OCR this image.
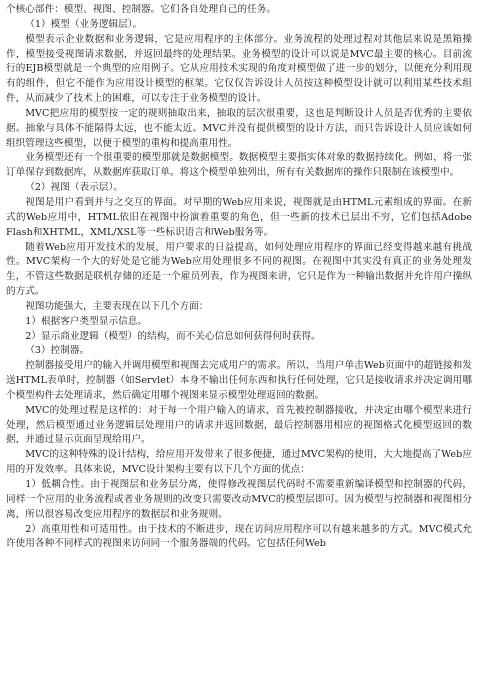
个核心部件：模型、视图、控制器。它们各自处理自己的任务。

（1）模型（业务逻辑层）。

模型表示企业数据和业务逻辑，它是应用程序的主体部分。业务流程的处理过程对其他层来说是黑箱操作，模型接受视图请求数据，并返回最终的处理结果。业务模型的设计可以说是MVC最主要的核心。目前流行的EJB模型就是一个典型的应用例子。它从应用技术实现的角度对模型做了进一步的划分，以便充分利用现有的组件，但它不能作为应用设计模型的框架。它仅仅告诉设计人员按这种模型设计就可以利用某些技术组件，从而减少了技术上的困难，可以专注于业务模型的设计。

MVC把应用的模型按一定的规则抽取出来，抽取的层次很重要，这也是判断设计人员是否优秀的主要依据。抽象与具体不能隔得太远，也不能太近。MVC并没有提供模型的设计方法，而只告诉设计人员应该如何组织管理这些模型，以便于模型的重构和提高重用性。

业务模型还有一个很重要的模型那就是数据模型。数据模型主要指实体对象的数据持续化。例如，将一张订单保存到数据库，从数据库获取订单。将这个模型单独列出，所有有关数据库的操作只限制在该模型中。

（2）视图（表示层）。

视图是用户看到并与之交互的界面。对早期的Web应用来说，视图就是由HTML元素组成的界面。在新式的Web应用中，HTML依旧在视图中扮演着重要的角色，但一些新的技术已层出不穷，它们包括Adobe Flash和XHTML，XML/XSL等一些标识语言和Web服务等。

随着Web应用开发技术的发展，用户要求的日益提高，如何处理应用程序的界面已经变得越来越有挑战性。MVC架构一个大的好处是它能为Web应用处理很多不同的视图。在视图中其实没有真正的业务处理发生，不管这些数据是联机存储的还是一个雇员列表，作为视图来讲，它只是作为一种输出数据并允许用户操纵的方式。

视图功能强大，主要表现在以下几个方面：

1）根据客户类型显示信息。

2）显示商业逻辑（模型）的结构，而不关心信息如何获得何时获得。

（3）控制器。

控制器接受用户的输入并调用模型和视图去完成用户的需求。所以，当用户单击Web页面中的超链接和发送HTML表单时，控制器（如Servlet）本身不输出任何东西和执行任何处理，它只是接收请求并决定调用哪个模型构件去处理请求，然后确定用哪个视图来显示模型处理返回的数据。

MVC的处理过程是这样的：对于每一个用户输入的请求，首先被控制器接收，并决定由哪个模型来进行处理，然后模型通过业务逻辑层处理用户的请求并返回数据，最后控制器用相应的视图格式化模型返回的数据，并通过显示页面呈现给用户。

MVC的这种特殊的设计结构，给应用开发带来了很多便捷，通过MVC架构的使用，大大地提高了Web应用的开发效率。具体来说，MVC设计架构主要有以下几个方面的优点：

1）低耦合性。由于视图层和业务层分离，使得修改视图层代码时不需要重新编译模型和控制器的代码，同样一个应用的业务流程或者业务规则的改变只需要改动MVC的模型层即可。因为模型与控制器和视图相分离，所以很容易改变应用程序的数据层和业务规则。

2）高重用性和可适用性。由于技术的不断进步，现在访问应用程序可以有越来越多的方式。MVC模式允许使用各种不同样式的视图来访问同一个服务器端的代码。它包括任何Web
